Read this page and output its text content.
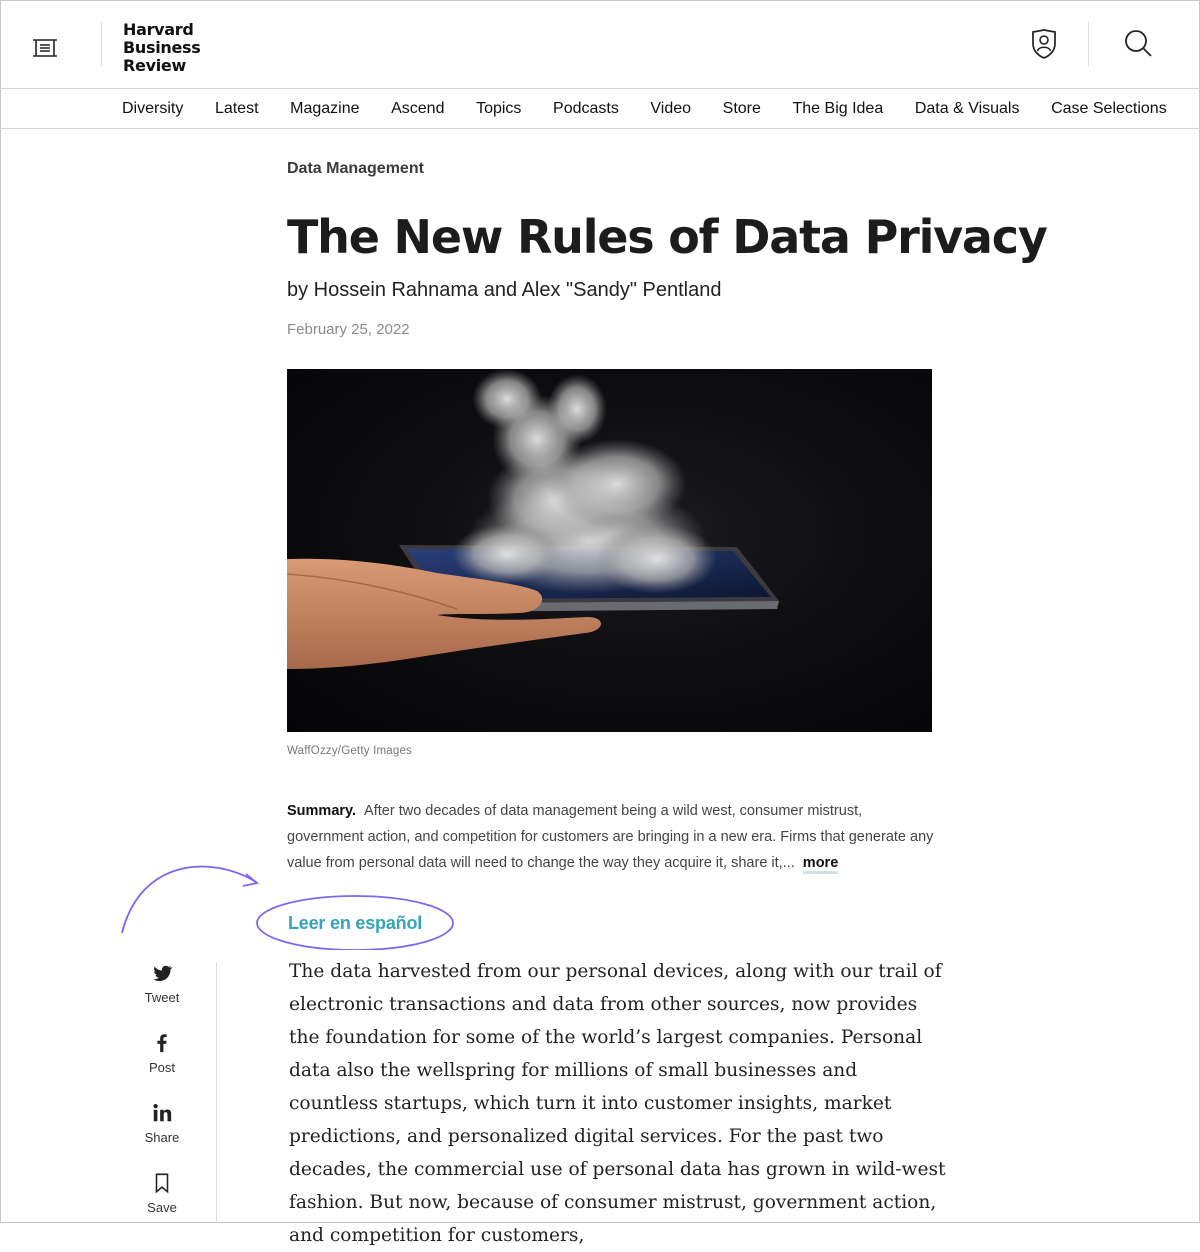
Harvard
Business
Review
Diversity Latest Magazine Ascend Topics Podcasts Video Store The Big Idea Data & Visuals Case Selections
Data Management
The New Rules of Data Privacy
by Hossein Rahnama and Alex "Sandy" Pentland
February 25, 2022
WaffOzzy/Getty Images
Summary. After two decades of data management being a wild west, consumer mistrust, government action, and competition for customers are bringing in a new era. Firms that generate any value from personal data will need to change the way they acquire it, share it,... more
Leer en español
Tweet
Post
Share
Save

The data harvested from our personal devices, along with our trail of electronic transactions and data from other sources, now provides the foundation for some of the world’s largest companies. Personal data also the wellspring for millions of small businesses and countless startups, which turn it into customer insights, market predictions, and personalized digital services. For the past two decades, the commercial use of personal data has grown in wild-west fashion. But now, because of consumer mistrust, government action, and competition for customers,
